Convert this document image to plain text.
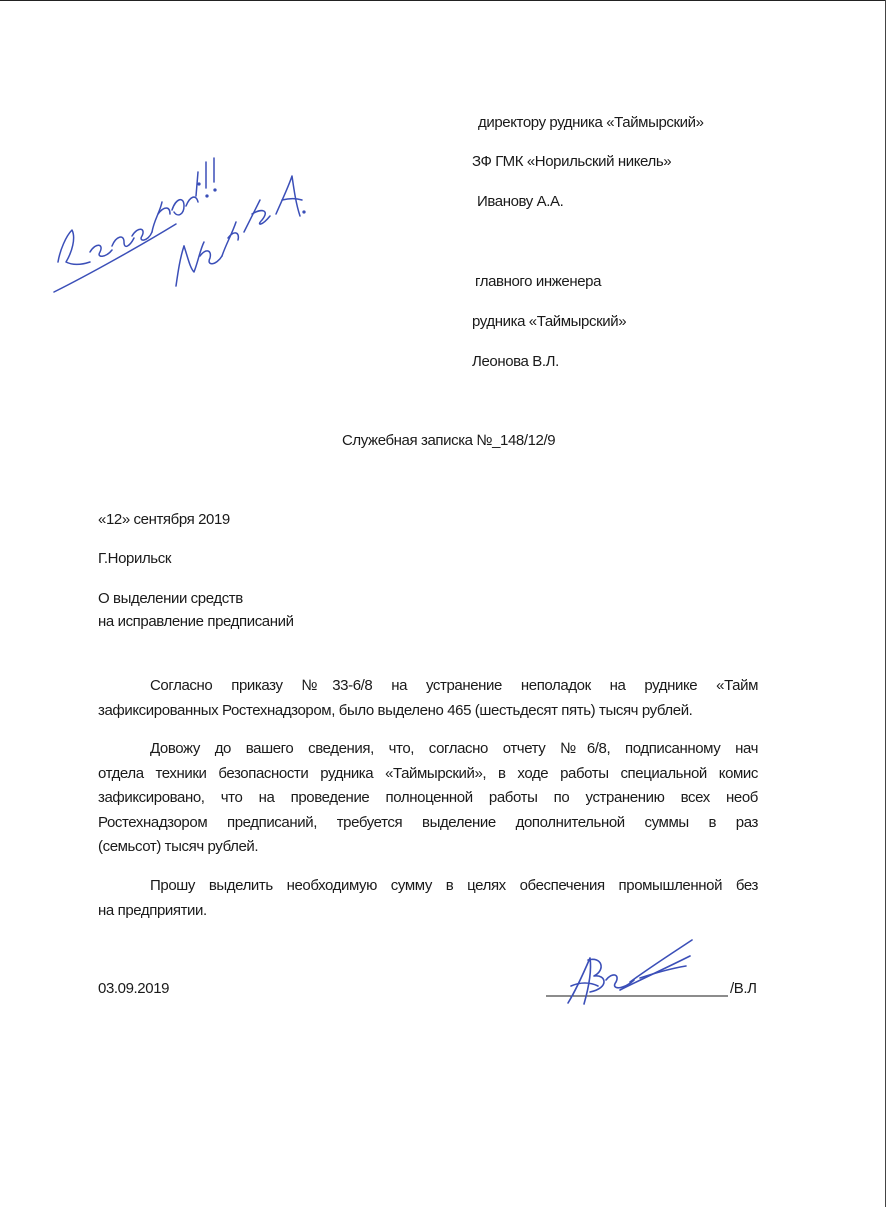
директору рудника «Таймырский»
ЗФ ГМК «Норильский никель»
Иванову А.А.
главного инженера
рудника «Таймырский»
Леонова В.Л.
Служебная записка №_148/12/9
«12» сентября 2019
Г.Норильск
О выделении средств
на исправление предписаний
Согласно приказу №33-6/8 на устранение неполадок на руднике «Тайм
зафиксированных Ростехнадзором, было выделено 465 (шестьдесят пять) тысяч рублей.
Довожу до вашего сведения, что, согласно отчету №6/8, подписанному нач
отдела техники безопасности рудника «Таймырский», в ходе работы специальной комис
зафиксировано, что на проведение полноценной работы по устранению всех необ
Ростехнадзором предписаний, требуется выделение дополнительной суммы в раз
(семьсот) тысяч рублей.
Прошу выделить необходимую сумму в целях обеспечения промышленной без
на предприятии.
03.09.2019	/В.Л
